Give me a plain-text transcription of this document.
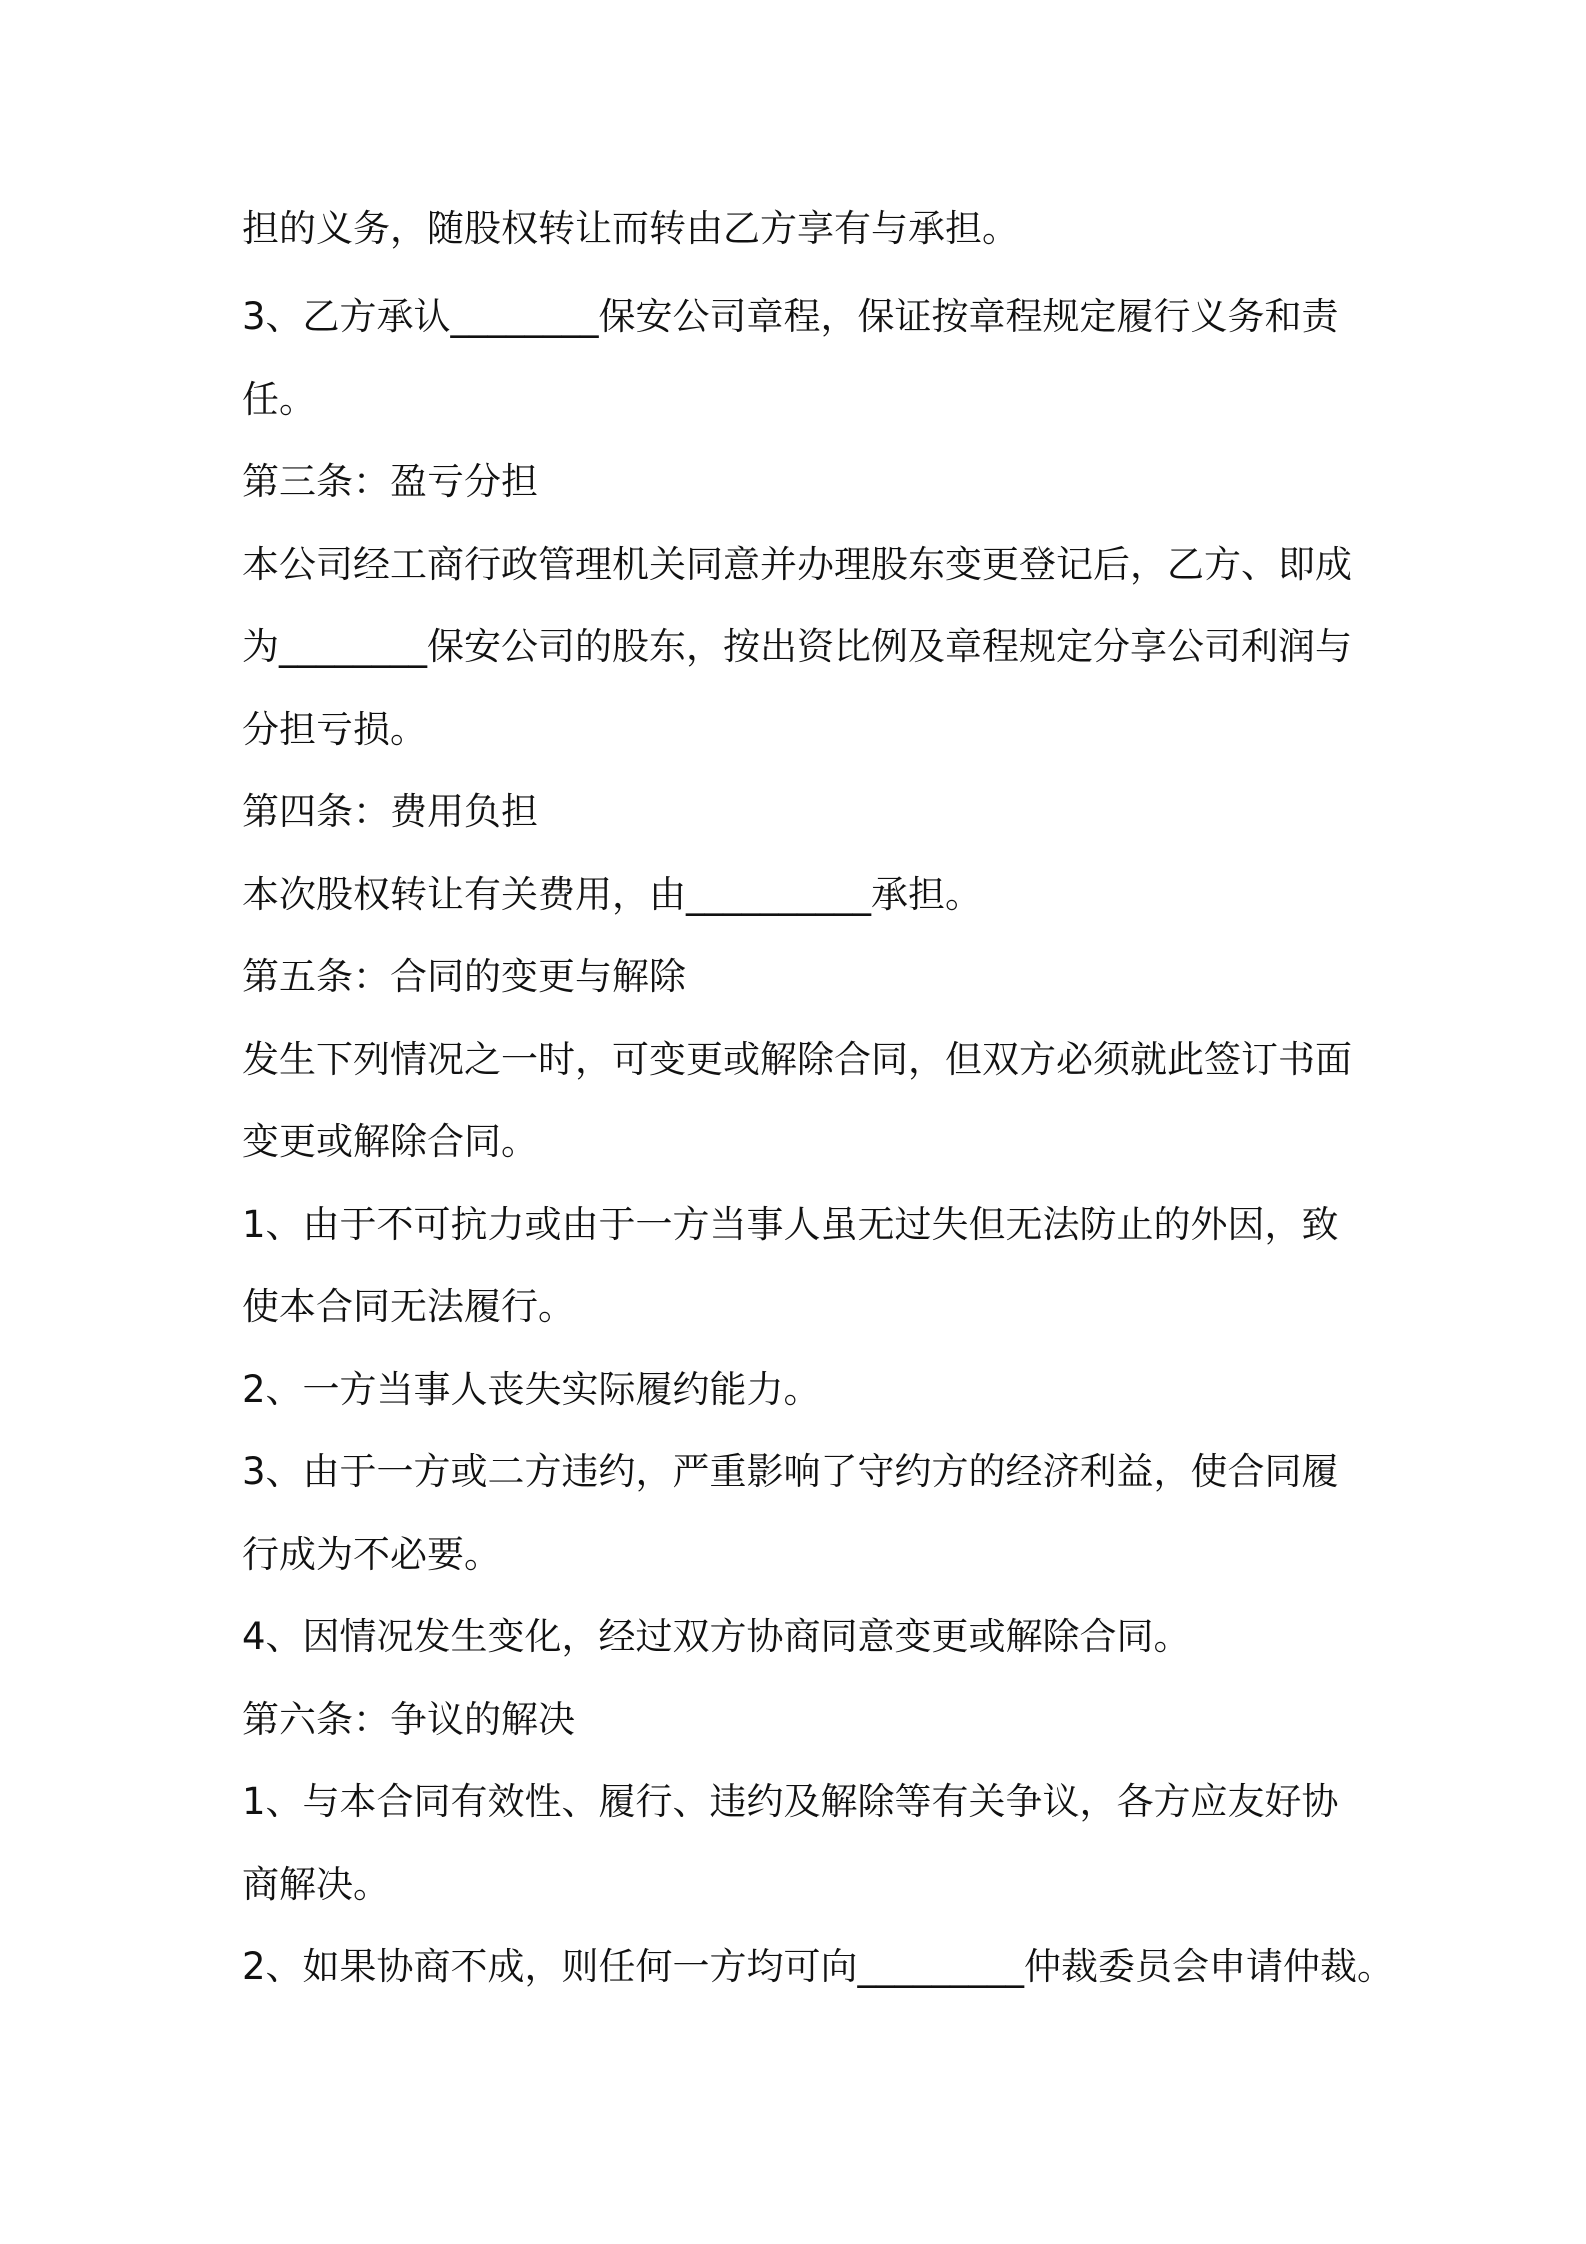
担的义务，随股权转让而转由乙方享有与承担。
3、乙方承认________保安公司章程，保证按章程规定履行义务和责
任。
第三条：盈亏分担
本公司经工商行政管理机关同意并办理股东变更登记后，乙方、即成
为________保安公司的股东，按出资比例及章程规定分享公司利润与
分担亏损。
第四条：费用负担
本次股权转让有关费用，由__________承担。
第五条：合同的变更与解除
发生下列情况之一时，可变更或解除合同，但双方必须就此签订书面
变更或解除合同。
1、由于不可抗力或由于一方当事人虽无过失但无法防止的外因，致
使本合同无法履行。
2、一方当事人丧失实际履约能力。
3、由于一方或二方违约，严重影响了守约方的经济利益，使合同履
行成为不必要。
4、因情况发生变化，经过双方协商同意变更或解除合同。
第六条：争议的解决
1、与本合同有效性、履行、违约及解除等有关争议，各方应友好协
商解决。
2、如果协商不成，则任何一方均可向_________仲裁委员会申请仲裁。
